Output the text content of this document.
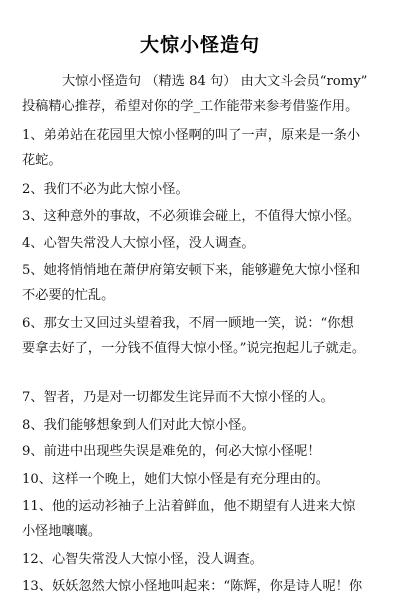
大惊小怪造句
大惊小怪造句 （精选 84 句） 由大文斗会员“romy”
投稿精心推荐，希望对你的学_工作能带来参考借鉴作用。
1、弟弟站在花园里大惊小怪啊的叫了一声，原来是一条小
花蛇。
2、我们不必为此大惊小怪。
3、这种意外的事故，不必须谁会碰上，不值得大惊小怪。
4、心智失常没人大惊小怪，没人调查。
5、她将悄悄地在萧伊府第安顿下来，能够避免大惊小怪和
不必要的忙乱。
6、那女士又回过头望着我，不屑一顾地一笑，说：“你想
要拿去好了，一分钱不值得大惊小怪。”说完抱起儿子就走。
7、智者，乃是对一切都发生诧异而不大惊小怪的人。
8、我们能够想象到人们对此大惊小怪。
9、前进中出现些失误是难免的，何必大惊小怪呢！
10、这样一个晚上，她们大惊小怪是有充分理由的。
11、他的运动衫袖子上沾着鲜血，他不期望有人进来大惊
小怪地嚷嚷。
12、心智失常没人大惊小怪，没人调查。
13、妖妖忽然大惊小怪地叫起来：“陈辉，你是诗人呢！你
